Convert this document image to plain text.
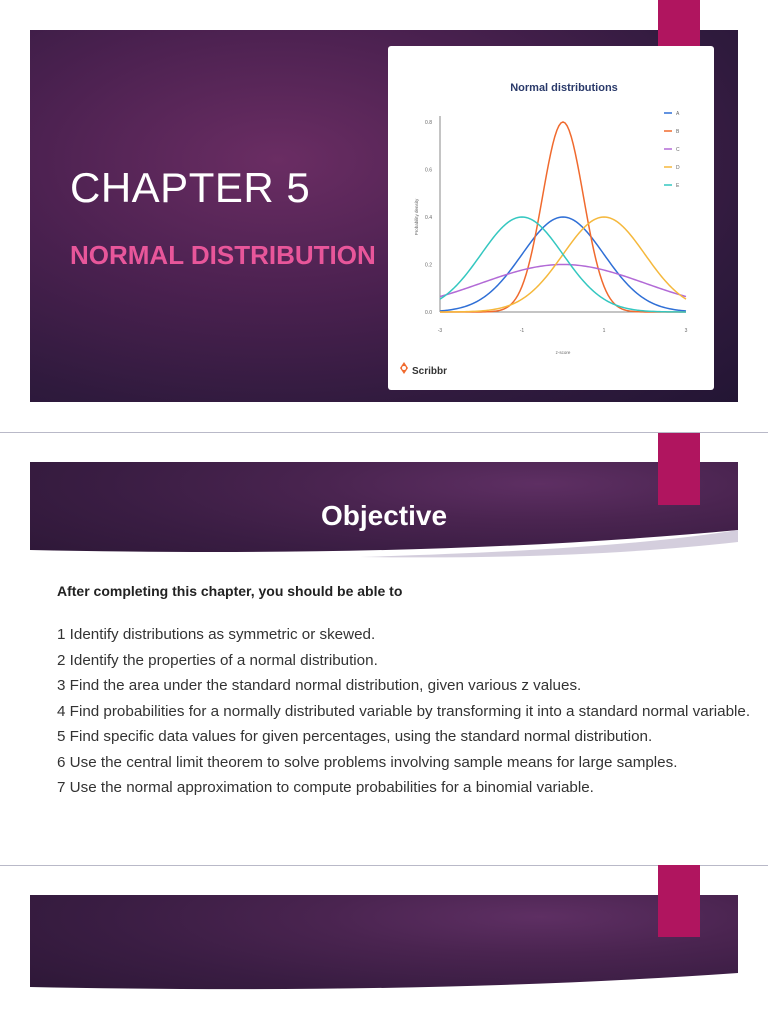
CHAPTER 5
NORMAL DISTRIBUTION
Normal distributions
0.0
0.2
0.4
0.6
0.8
-3	-1	1	3
z-score
Probability density
A
B
C
D
E
Scribbr
Objective
After completing this chapter, you should be able to
1 Identify distributions as symmetric or skewed.
2 Identify the properties of a normal distribution.
3 Find the area under the standard normal distribution, given various z values.
4 Find probabilities for a normally distributed variable by transforming it into a standard normal variable.
5 Find specific data values for given percentages, using the standard normal distribution.
6 Use the central limit theorem to solve problems involving sample means for large samples.
7 Use the normal approximation to compute probabilities for a binomial variable.
